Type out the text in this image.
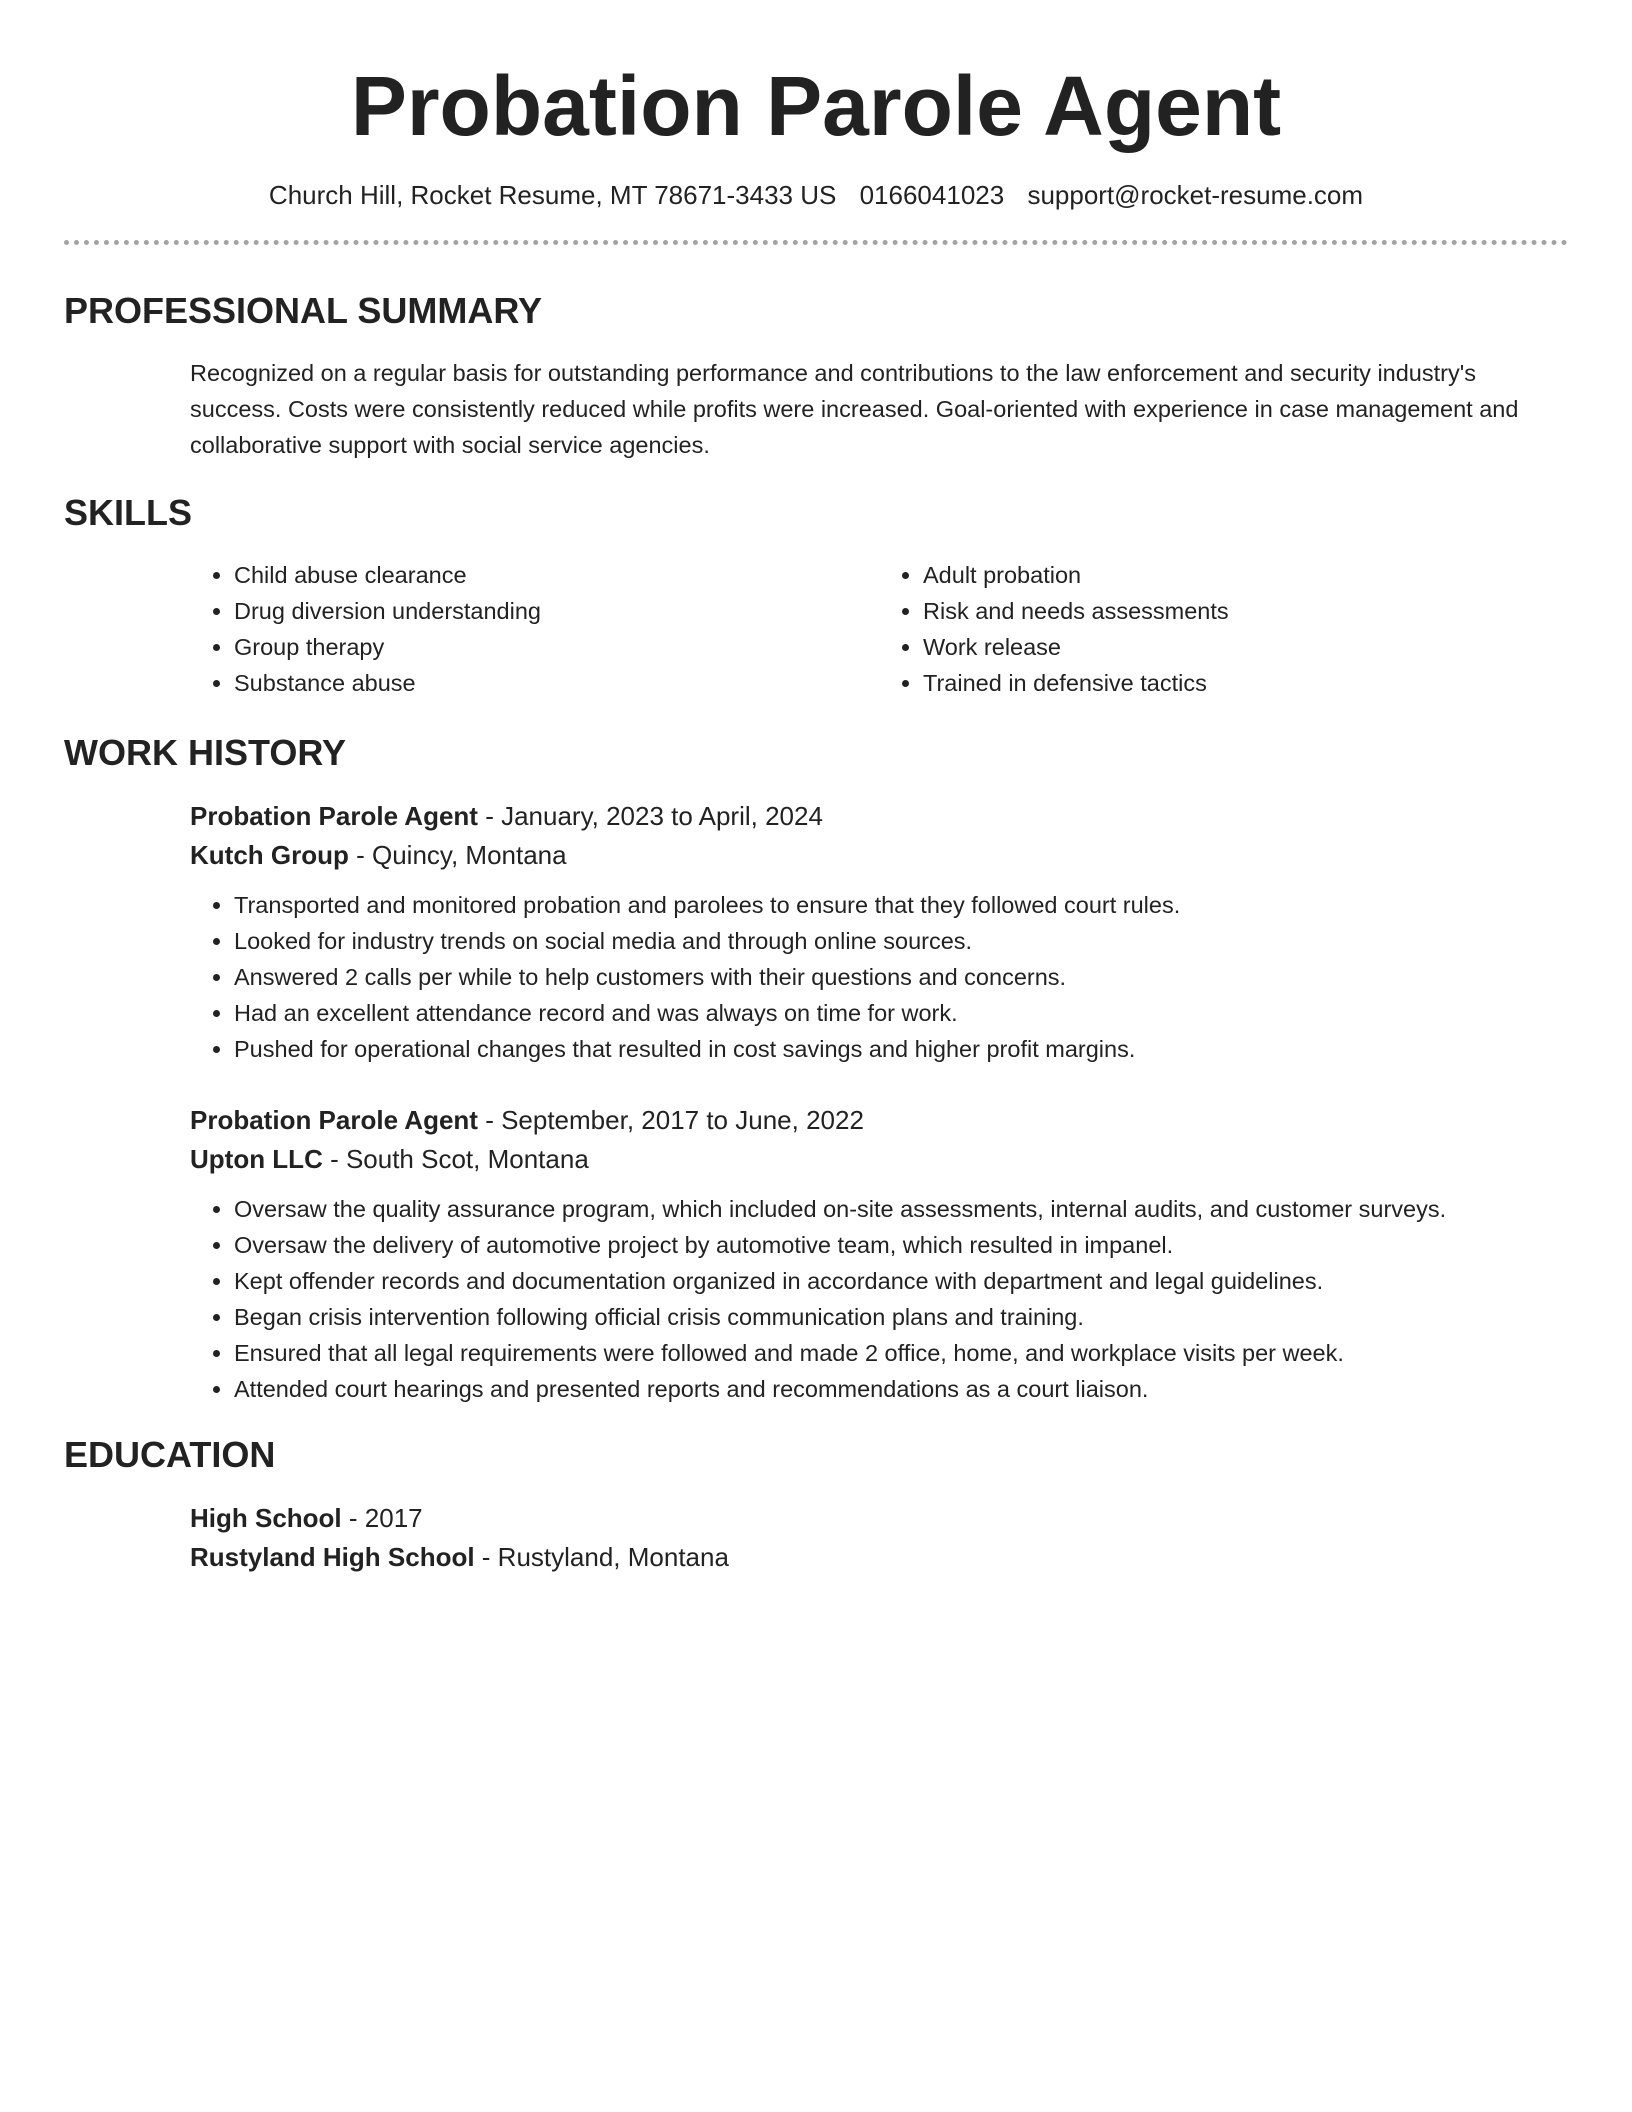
Probation Parole Agent
Church Hill, Rocket Resume, MT 78671-3433 US 0166041023 support@rocket-resume.com
PROFESSIONAL SUMMARY
Recognized on a regular basis for outstanding performance and contributions to the law enforcement and security industry's success. Costs were consistently reduced while profits were increased. Goal-oriented with experience in case management and collaborative support with social service agencies.
SKILLS
• Child abuse clearance
• Drug diversion understanding
• Group therapy
• Substance abuse
• Adult probation
• Risk and needs assessments
• Work release
• Trained in defensive tactics
WORK HISTORY
Probation Parole Agent - January, 2023 to April, 2024
Kutch Group - Quincy, Montana
• Transported and monitored probation and parolees to ensure that they followed court rules.
• Looked for industry trends on social media and through online sources.
• Answered 2 calls per while to help customers with their questions and concerns.
• Had an excellent attendance record and was always on time for work.
• Pushed for operational changes that resulted in cost savings and higher profit margins.
Probation Parole Agent - September, 2017 to June, 2022
Upton LLC - South Scot, Montana
• Oversaw the quality assurance program, which included on-site assessments, internal audits, and customer surveys.
• Oversaw the delivery of automotive project by automotive team, which resulted in impanel.
• Kept offender records and documentation organized in accordance with department and legal guidelines.
• Began crisis intervention following official crisis communication plans and training.
• Ensured that all legal requirements were followed and made 2 office, home, and workplace visits per week.
• Attended court hearings and presented reports and recommendations as a court liaison.
EDUCATION
High School - 2017
Rustyland High School - Rustyland, Montana
